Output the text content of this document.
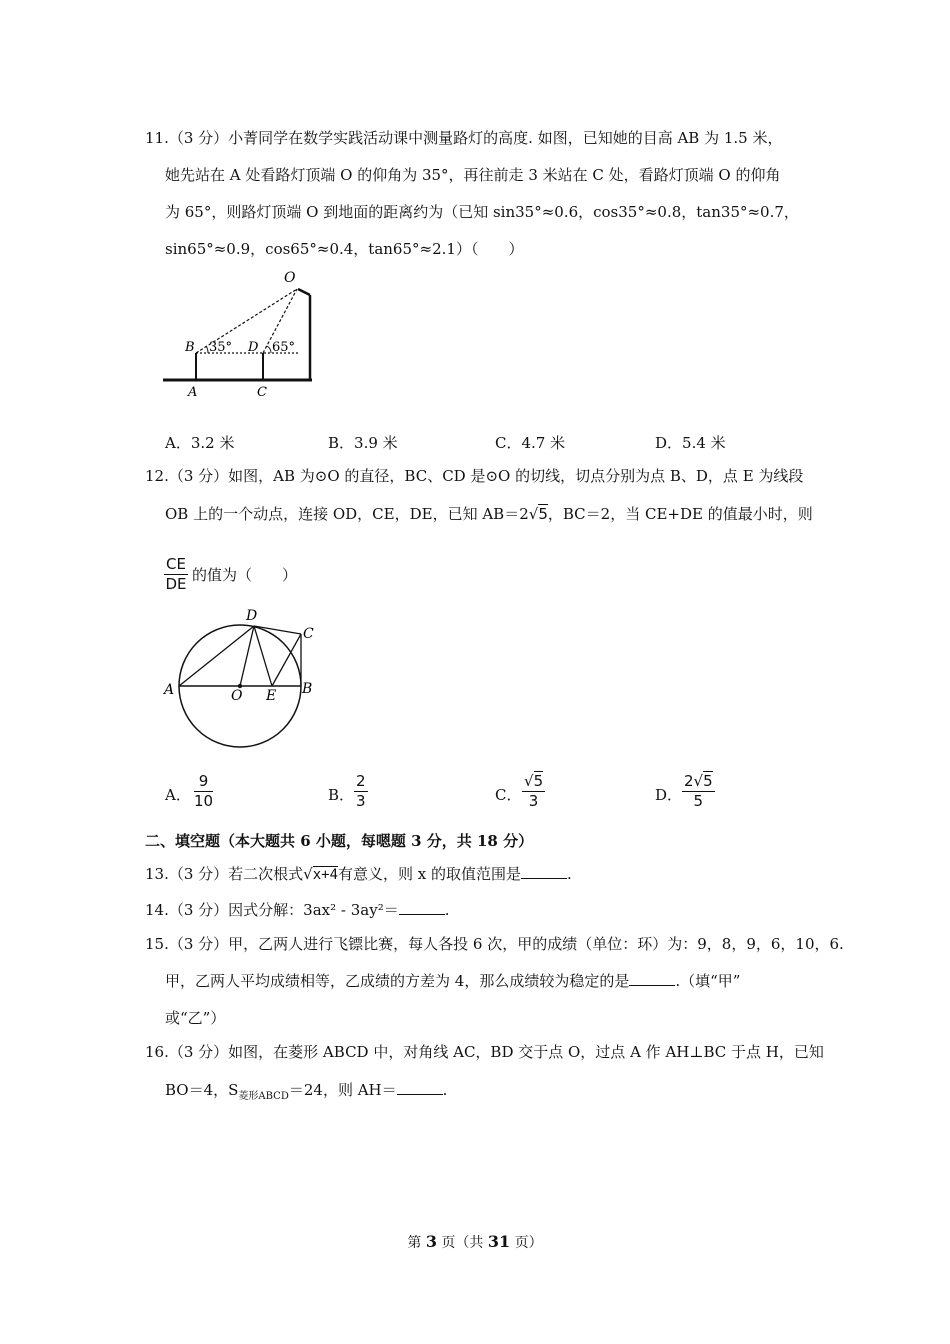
11.（3 分）小菁同学在数学实践活动课中测量路灯的高度. 如图，已知她的目高 AB 为 1.5 米，
她先站在 A 处看路灯顶端 O 的仰角为 35°，再往前走 3 米站在 C 处，看路灯顶端 O 的仰角
为 65°，则路灯顶端 O 到地面的距离约为（已知 sin35°≈0.6，cos35°≈0.8，tan35°≈0.7，
sin65°≈0.9，cos65°≈0.4，tan65°≈2.1）（　　）
O
B	D
35°	65°
A	C
A．3.2 米	B．3.9 米	C．4.7 米	D．5.4 米
12.（3 分）如图，AB 为⊙O 的直径，BC、CD 是⊙O 的切线，切点分别为点 B、D，点 E 为线段
OB 上的一个动点，连接 OD，CE，DE，已知 AB＝2√5，BC＝2，当 CE+DE 的值最小时，则
$\frac{CE}{DE}$ 的值为（　　）
A	O E B
C
D
A． $\frac{9}{10}$	B． $\frac{2}{3}$	C． $\frac{√5}{3}$	D． $\frac{2√5}{5}$
二、填空题（本大题共 6 小题，每嗯题 3 分，共 18 分）
13.（3 分）若二次根式√x+4有意义，则 x 的取值范围是	.
14.（3 分）因式分解：3ax² - 3ay²＝	.
15.（3 分）甲，乙两人进行飞镖比赛，每人各投 6 次，甲的成绩（单位：环）为：9，8，9，6，10，6.
甲，乙两人平均成绩相等，乙成绩的方差为 4，那么成绩较为稳定的是	.（填“甲”
或“乙”）
16.（3 分）如图，在菱形 ABCD 中，对角线 AC，BD 交于点 O，过点 A 作 AH⊥BC 于点 H，已知
BO＝4，$S_{菱形ABCD}=24$，则 AH＝	.
第 3 页（共 31 页）
